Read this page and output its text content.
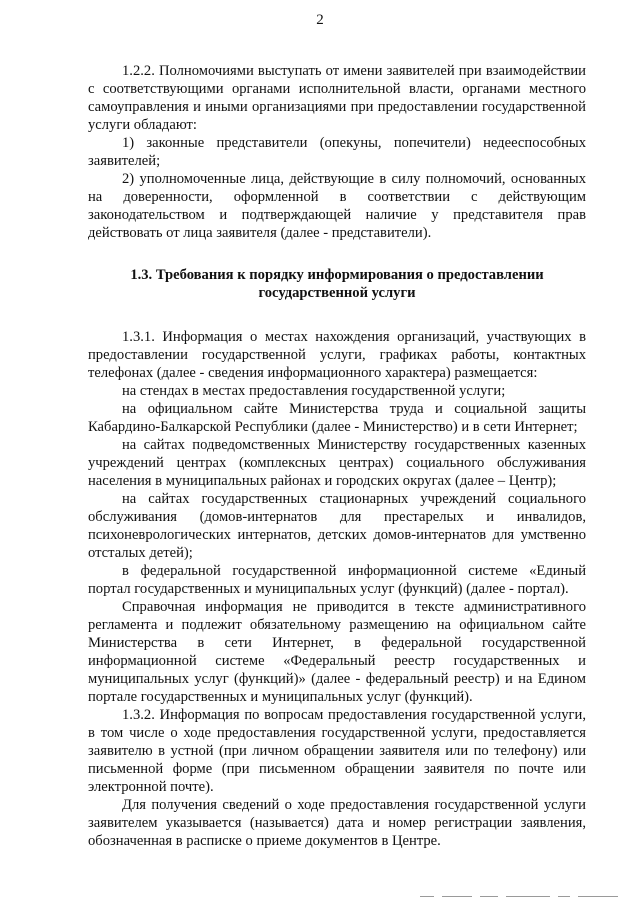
2

1.2.2. Полномочиями выступать от имени заявителей при взаимодействии с соответствующими органами исполнительной власти, органами местного самоуправления и иными организациями при предоставлении государственной услуги обладают:

1) законные представители (опекуны, попечители) недееспособных заявителей;

2) уполномоченные лица, действующие в силу полномочий, основанных на доверенности, оформленной в соответствии с действующим законодательством и подтверждающей наличие у представителя прав действовать от лица заявителя (далее - представители).

1.3. Требования к порядку информирования о предоставлении
государственной услуги

1.3.1. Информация о местах нахождения организаций, участвующих в предоставлении государственной услуги, графиках работы, контактных телефонах (далее - сведения информационного характера) размещается:

на стендах в местах предоставления государственной услуги;

на официальном сайте Министерства труда и социальной защиты Кабардино-Балкарской Республики (далее - Министерство) и в сети Интернет;

на сайтах подведомственных Министерству государственных казенных учреждений центрах (комплексных центрах) социального обслуживания населения в муниципальных районах и городских округах (далее – Центр);

на сайтах государственных стационарных учреждений социального обслуживания (домов-интернатов для престарелых и инвалидов, психоневрологических интернатов, детских домов-интернатов для умственно отсталых детей);

в федеральной государственной информационной системе «Единый портал государственных и муниципальных услуг (функций) (далее - портал).

Справочная информация не приводится в тексте административного регламента и подлежит обязательному размещению на официальном сайте Министерства в сети Интернет, в федеральной государственной информационной системе «Федеральный реестр государственных и муниципальных услуг (функций)» (далее - федеральный реестр) и на Едином портале государственных и муниципальных услуг (функций).

1.3.2. Информация по вопросам предоставления государственной услуги, в том числе о ходе предоставления государственной услуги, предоставляется заявителю в устной (при личном обращении заявителя или по телефону) или письменной форме (при письменном обращении заявителя по почте или электронной почте).

Для получения сведений о ходе предоставления государственной услуги заявителем указывается (называется) дата и номер регистрации заявления, обозначенная в расписке о приеме документов в Центре.
